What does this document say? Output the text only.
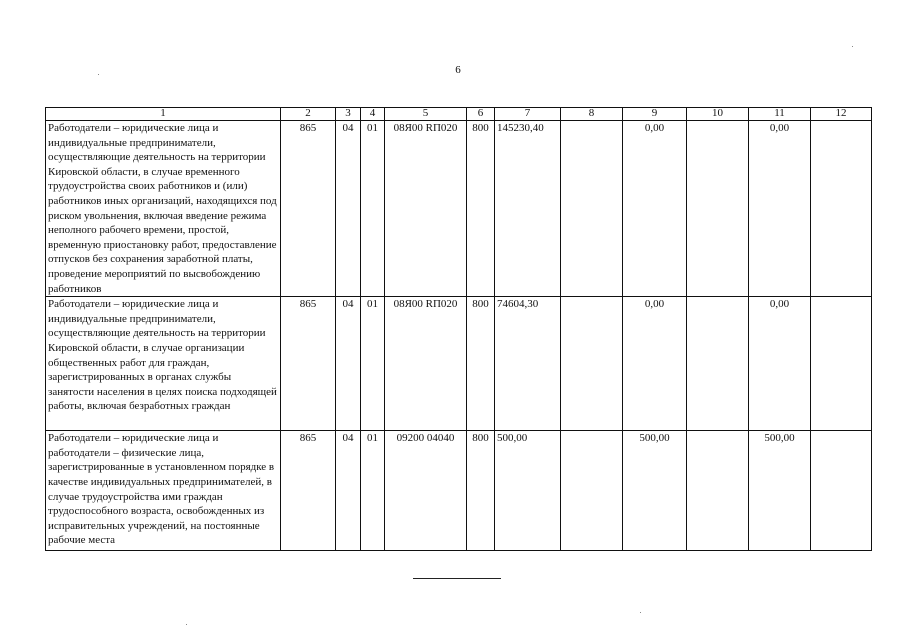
6
1	2	3	4	5	6	7	8	9	10	11	12
Работодатели – юридические лица и индивидуальные предприниматели, осуществляющие деятельность на территории Кировской области, в случае временного трудоустройства своих работников и (или) работников иных организаций, находящихся под риском увольнения, включая введение режима неполного рабочего времени, простой, временную приостановку работ, предоставление отпусков без сохранения заработной платы, проведение мероприятий по высвобождению работников	865	04	01	08Я00 RП020	800	145230,40		0,00		0,00	
Работодатели – юридические лица и индивидуальные предприниматели, осуществляющие деятельность на территории Кировской области, в случае организации общественных работ для граждан, зарегистрированных в органах службы занятости населения в целях поиска подходящей работы, включая безработных граждан	865	04	01	08Я00 RП020	800	74604,30		0,00		0,00	
Работодатели – юридические лица и работодатели – физические лица, зарегистрированные в установленном порядке в качестве индивидуальных предпринимателей, в случае трудоустройства ими граждан трудоспособного возраста, освобожденных из исправительных учреждений, на постоянные рабочие места	865	04	01	09200 04040	800	500,00		500,00		500,00	
